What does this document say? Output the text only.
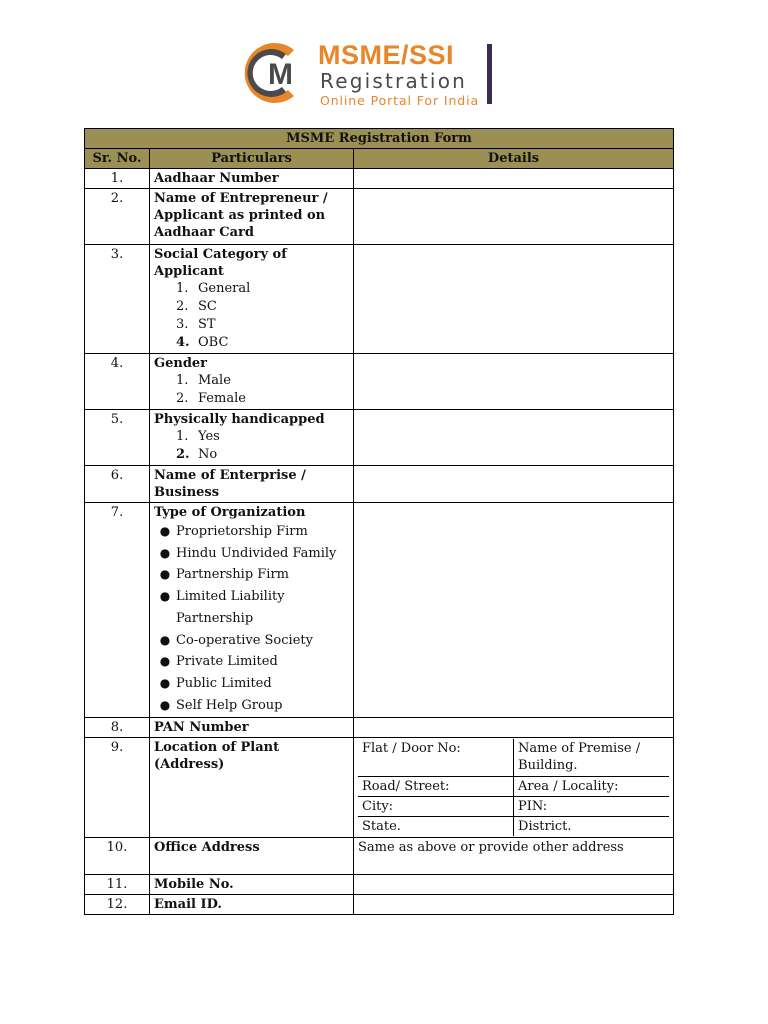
M
MSME/SSI
Registration
Online Portal For India
MSME Registration Form
Sr. No.	Particulars	Details
1.	Aadhaar Number

2.	Name of Entrepreneur / Applicant as printed on Aadhaar Card

3.	Social Category of Applicant
1. General
2. SC
3. ST
4. OBC

4.	Gender
1. Male
2. Female

5.	Physically handicapped
1. Yes
2. No

6.	Name of Enterprise / Business

7.	Type of Organization
● Proprietorship Firm
● Hindu Undivided Family
● Partnership Firm
● Limited Liability
Partnership
● Co-operative Society
● Private Limited
● Public Limited
● Self Help Group

8.	PAN Number

9.	Location of Plant (Address)

Flat / Door No:	Name of Premise / Building.
Road/ Street:	Area / Locality:
City:	PIN:
State.	District.

10.	Office Address	Same as above or provide other address
11.	Mobile No.

12.	Email ID.
